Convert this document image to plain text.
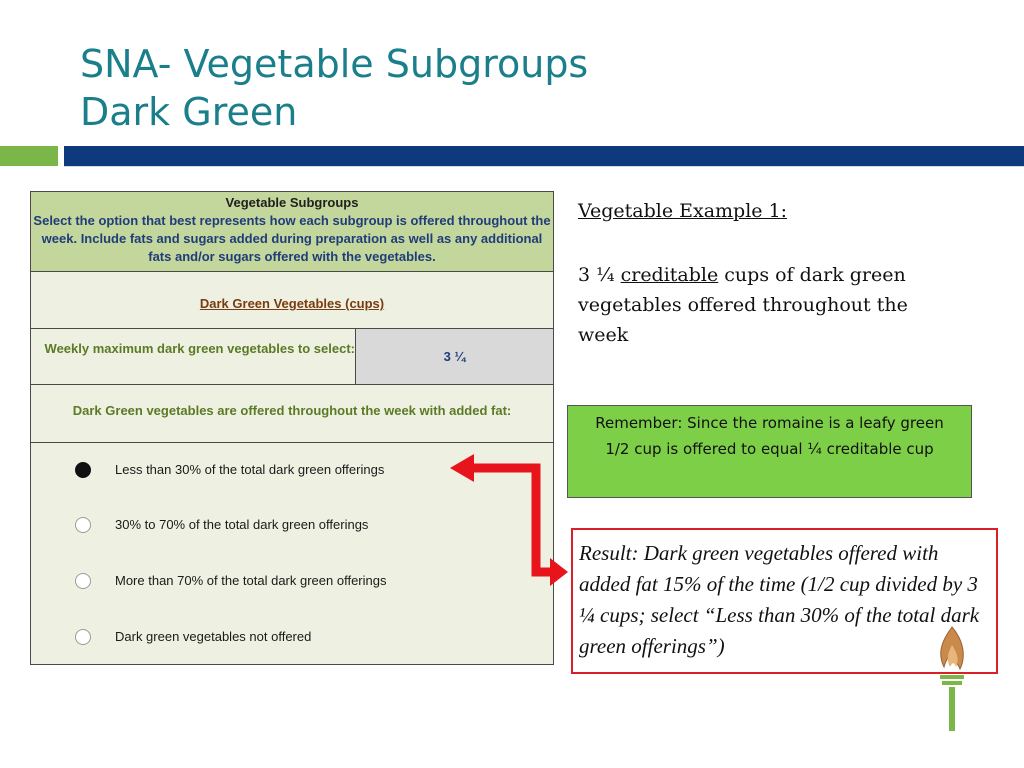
SNA- Vegetable Subgroups
Dark Green
Vegetable Subgroups
Select the option that best represents how each subgroup is offered throughout the week. Include fats and sugars added during preparation as well as any additional fats and/or sugars offered with the vegetables.
Dark Green Vegetables (cups)
Weekly maximum dark green vegetables to select:
3 ¼
Dark Green vegetables are offered throughout the week with added fat:
Less than 30% of the total dark green offerings
30% to 70% of the total dark green offerings
More than 70% of the total dark green offerings
Dark green vegetables not offered
Vegetable Example 1:
3 ¼ creditable cups of dark green vegetables offered throughout the week
Remember: Since the romaine is a leafy green 1/2 cup is offered to equal ¼ creditable cup
Result: Dark green vegetables offered with added fat 15% of the time (1/2 cup divided by 3 ¼ cups; select “Less than 30% of the total dark green offerings”)
